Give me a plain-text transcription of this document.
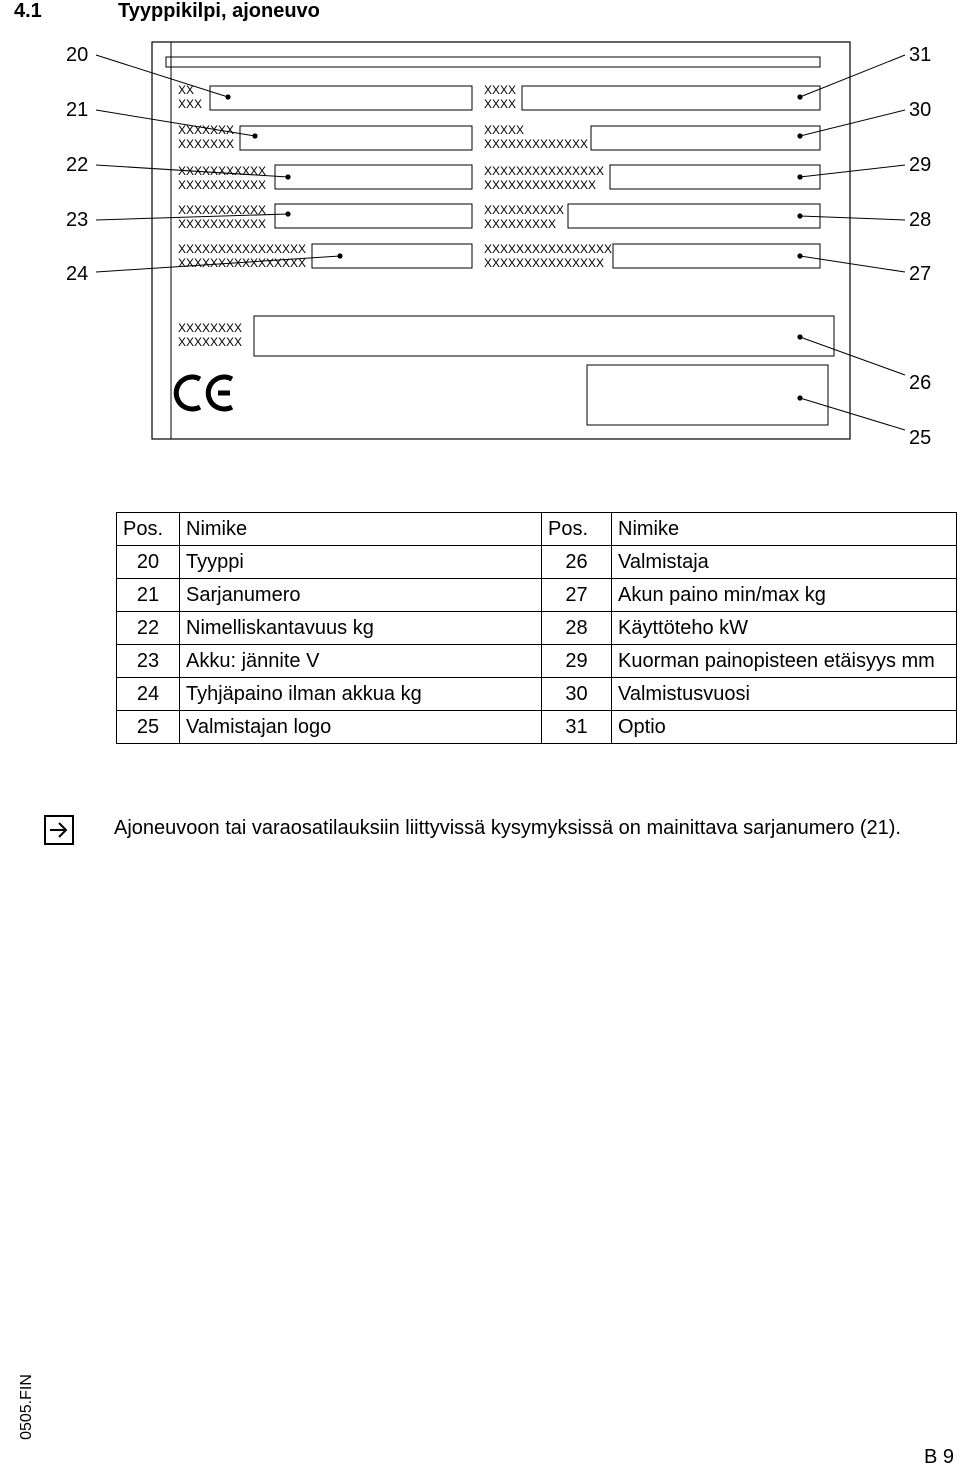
4.1	Tyyppikilpi, ajoneuvo
20
21
22
23
24
31
30
29
28
27
26
25
XX
XXX
XXXXXXX
XXXXXXX
XXXXXXXXXXX
XXXXXXXXXXX
XXXXXXXXXXX
XXXXXXXXXXX
XXXXXXXXXXXXXXXX
XXXXXXXXXXXXXXXX
XXXX
XXXX
XXXXX
XXXXXXXXXXXXX
XXXXXXXXXXXXXXX
XXXXXXXXXXXXXX
XXXXXXXXXX
XXXXXXXXX
XXXXXXXXXXXXXXXX
XXXXXXXXXXXXXXX
XXXXXXXX
XXXXXXXX
Pos.	Nimike	Pos.	Nimike
20	Tyyppi	26	Valmistaja
21	Sarjanumero	27	Akun paino min/max kg
22	Nimelliskantavuus kg	28	Käyttöteho kW
23	Akku: jännite V	29	Kuorman painopisteen etäisyys mm
24	Tyhjäpaino ilman akkua kg	30	Valmistusvuosi
25	Valmistajan logo	31	Optio
Ajoneuvoon tai varaosatilauksiin liittyvissä kysymyksissä on mainittava sarjanumero (21).
0505.FIN
B 9
